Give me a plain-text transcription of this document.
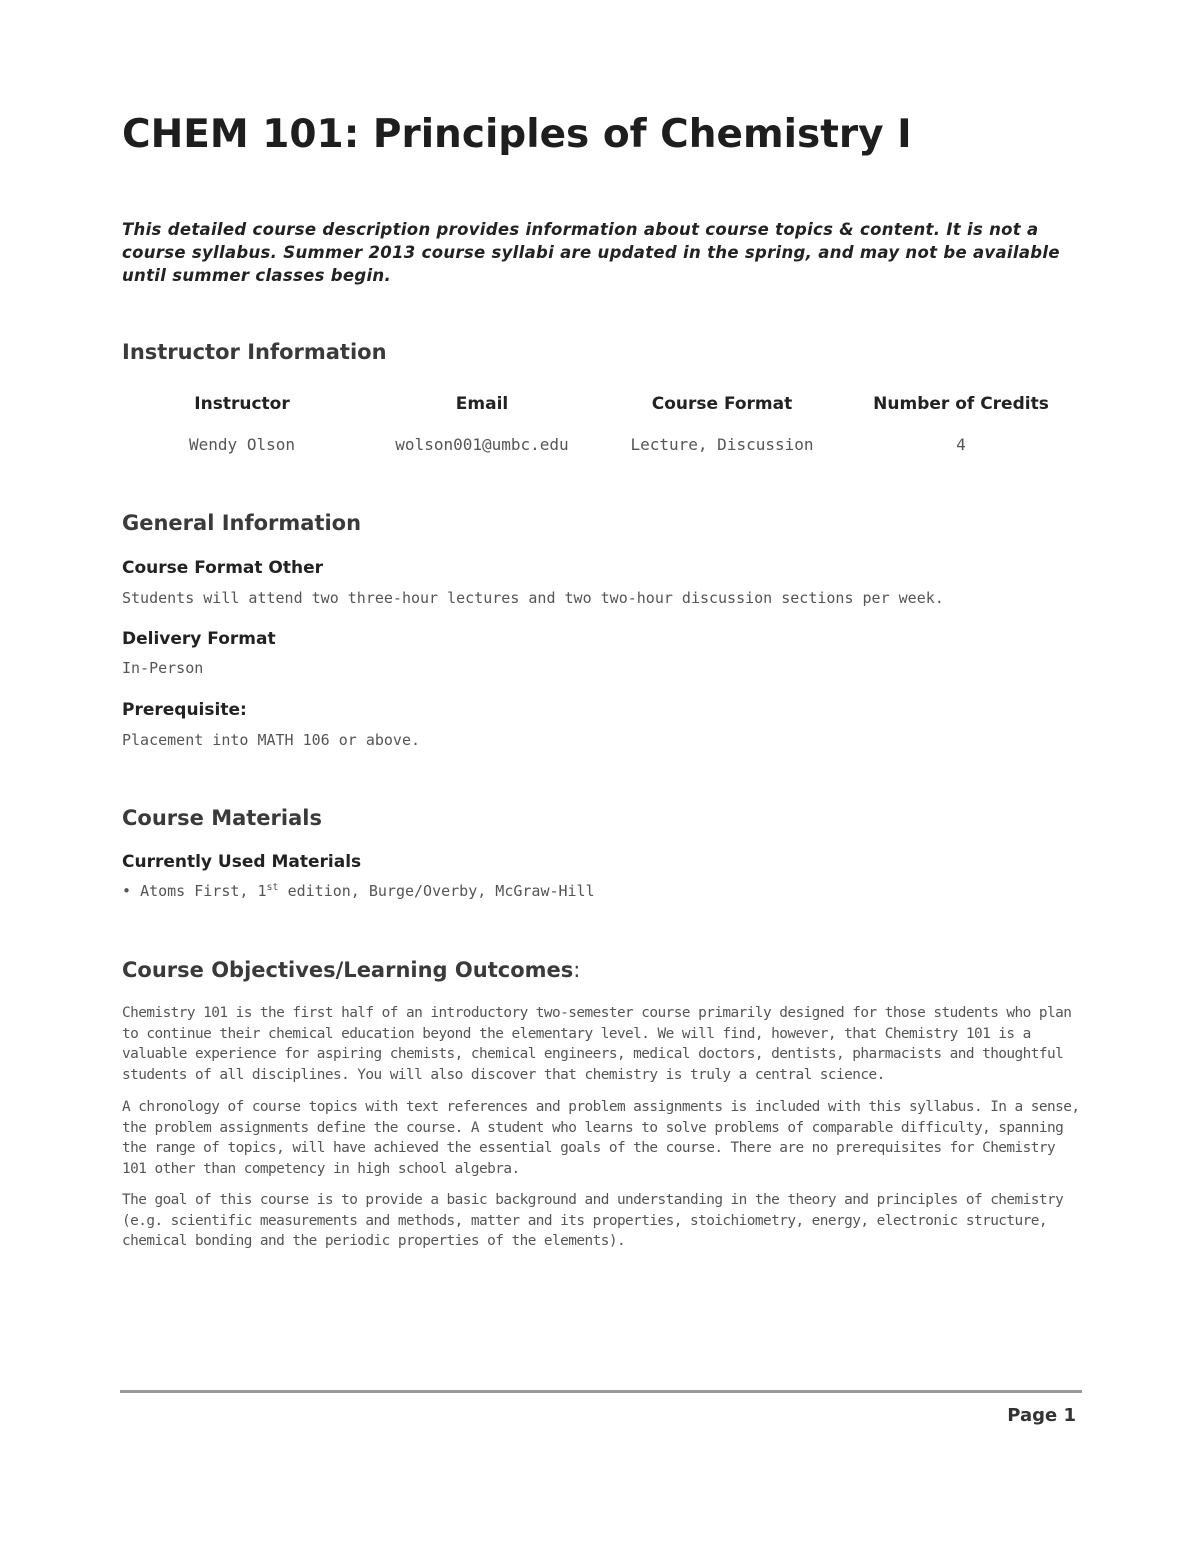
CHEM 101: Principles of Chemistry I

This detailed course description provides information about course topics & content. It is not a course syllabus. Summer 2013 course syllabi are updated in the spring, and may not be available until summer classes begin.

Instructor Information
Instructor	Email	Course Format	Number of Credits
Wendy Olson	wolson001@umbc.edu	Lecture, Discussion	4
General Information
Course Format Other

Students will attend two three-hour lectures and two two-hour discussion sections per week.

Delivery Format

In-Person

Prerequisite:

Placement into MATH 106 or above.

Course Materials
Currently Used Materials
• Atoms First, 1st edition, Burge/Overby, McGraw-Hill
Course Objectives/Learning Outcomes:

Chemistry 101 is the first half of an introductory two-semester course primarily designed for those students who plan to continue their chemical education beyond the elementary level. We will find, however, that Chemistry 101 is a valuable experience for aspiring chemists, chemical engineers, medical doctors, dentists, pharmacists and thoughtful students of all disciplines. You will also discover that chemistry is truly a central science.

A chronology of course topics with text references and problem assignments is included with this syllabus. In a sense, the problem assignments define the course. A student who learns to solve problems of comparable difficulty, spanning the range of topics, will have achieved the essential goals of the course. There are no prerequisites for Chemistry 101 other than competency in high school algebra.

The goal of this course is to provide a basic background and understanding in the theory and principles of chemistry (e.g. scientific measurements and methods, matter and its properties, stoichiometry, energy, electronic structure, chemical bonding and the periodic properties of the elements).

Page 1
